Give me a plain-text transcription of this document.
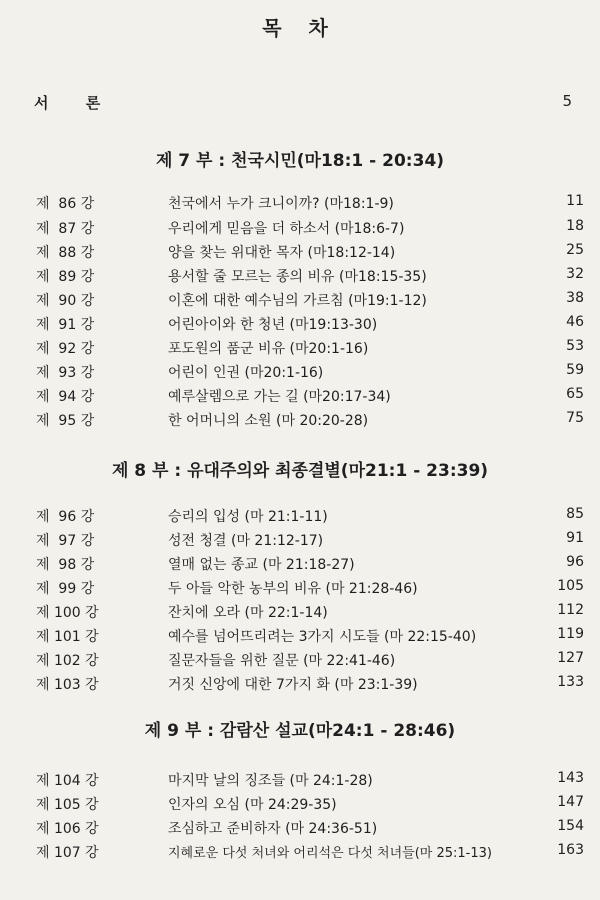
목 차
서 론	5
제 7 부 : 천국시민(마18:1 - 20:34)
제  86 강	천국에서 누가 크니이까? (마18:1-9)	11
제  87 강	우리에게 믿음을 더 하소서 (마18:6-7)	18
제  88 강	양을 찾는 위대한 목자 (마18:12-14)	25
제  89 강	용서할 줄 모르는 종의 비유 (마18:15-35)	32
제  90 강	이혼에 대한 예수님의 가르침 (마19:1-12)	38
제  91 강	어린아이와 한 청년 (마19:13-30)	46
제  92 강	포도원의 품군 비유 (마20:1-16)	53
제  93 강	어린이 인권 (마20:1-16)	59
제  94 강	예루살렘으로 가는 길 (마20:17-34)	65
제  95 강	한 어머니의 소원 (마 20:20-28)	75
제 8 부 : 유대주의와 최종결별(마21:1 - 23:39)
제  96 강	승리의 입성 (마 21:1-11)	85
제  97 강	성전 청결 (마 21:12-17)	91
제  98 강	열매 없는 종교 (마 21:18-27)	96
제  99 강	두 아들 악한 농부의 비유 (마 21:28-46)	105
제 100 강	잔치에 오라 (마 22:1-14)	112
제 101 강	예수를 넘어뜨리려는 3가지 시도들 (마 22:15-40)	119
제 102 강	질문자들을 위한 질문 (마 22:41-46)	127
제 103 강	거짓 신앙에 대한 7가지 화 (마 23:1-39)	133
제 9 부 : 감람산 설교(마24:1 - 28:46)
제 104 강	마지막 날의 징조들 (마 24:1-28)	143
제 105 강	인자의 오심 (마 24:29-35)	147
제 106 강	조심하고 준비하자 (마 24:36-51)	154
제 107 강	지혜로운 다섯 처녀와 어리석은 다섯 처녀들(마 25:1-13)	163
